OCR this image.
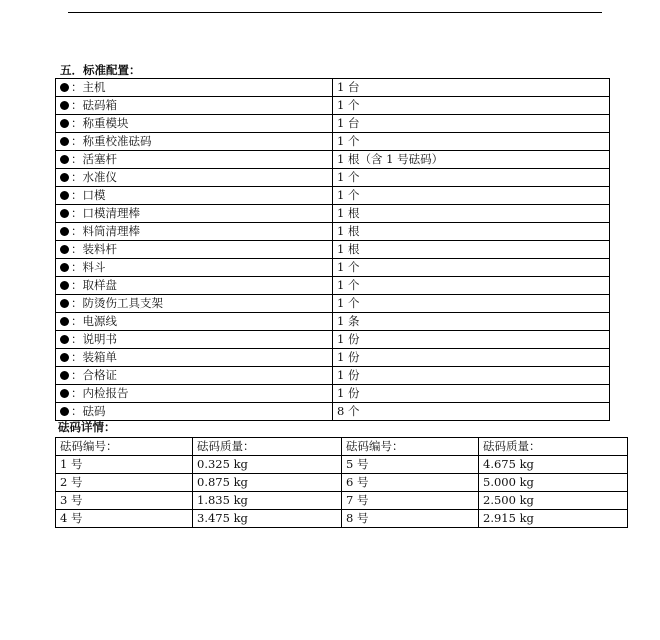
五．标准配置：
：主机	1 台
：砝码箱	1 个
：称重模块	1 台
：称重校准砝码	1 个
：活塞杆	1 根（含 1 号砝码）
：水准仪	1 个
：口模	1 个
：口模清理棒	1 根
：料筒清理棒	1 根
：装料杆	1 根
：料斗	1 个
：取样盘	1 个
：防烫伤工具支架	1 个
：电源线	1 条
：说明书	1 份
：装箱单	1 份
：合格证	1 份
：内检报告	1 份
：砝码	8 个
砝码详情：
砝码编号：	砝码质量：	砝码编号：	砝码质量：
1 号	0.325 kg	5 号	4.675 kg
2 号	0.875 kg	6 号	5.000 kg
3 号	1.835 kg	7 号	2.500 kg
4 号	3.475 kg	8 号	2.915 kg
